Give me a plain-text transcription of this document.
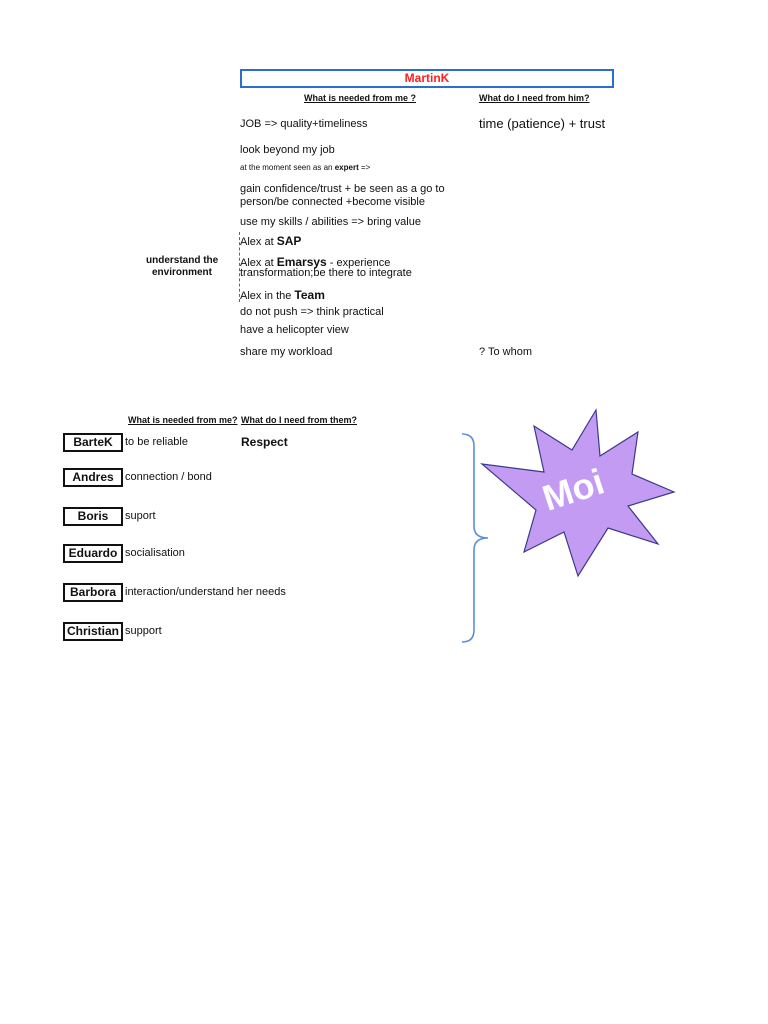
MartinK
What is needed from me ?	What do I need from him?
JOB => quality+timeliness	time (patience) + trust
look beyond my job
at the moment seen as an expert =>
gain confidence/trust + be seen as a go to
person/be connected +become visible
use my skills / abilities => bring value
Alex at SAP
understand the
environment
Alex at Emarsys - experience
transformation;be there to integrate
Alex in the Team
do not push => think practical
have a helicopter view
share my workload	? To whom
What is needed from me? What do I need from them?
BarteK	to be reliable	Respect
Andres	connection / bond
Boris	suport
Eduardo socialisation
Barbora interaction/understand her needs
Christian support
Moi
